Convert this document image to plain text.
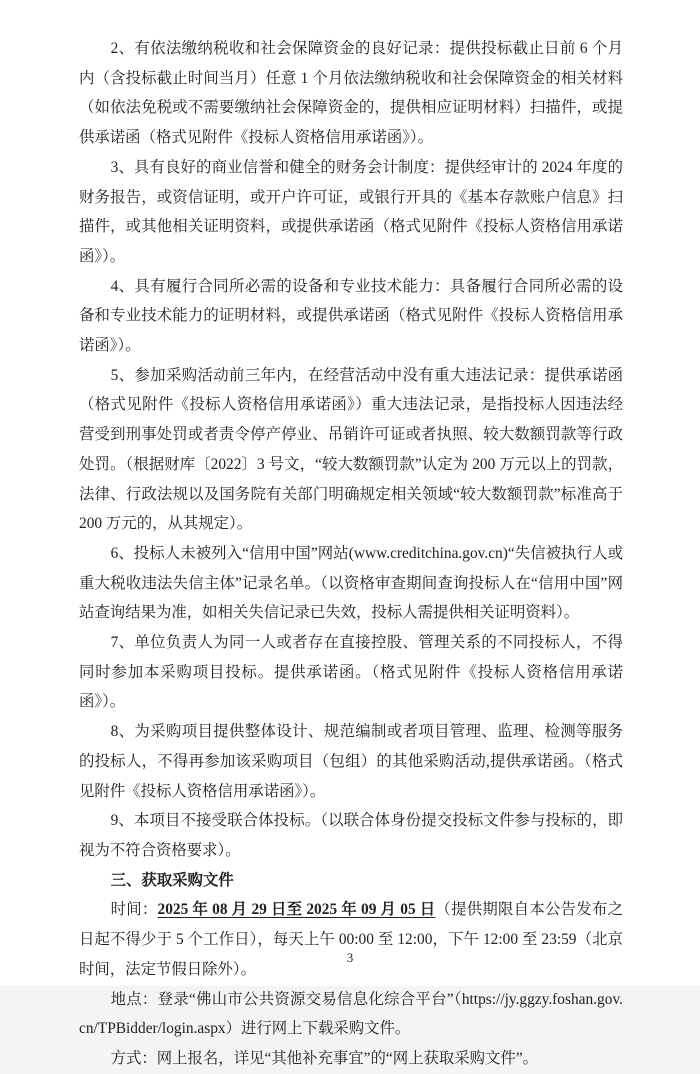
2、有依法缴纳税收和社会保障资金的良好记录：提供投标截止日前 6 个月内（含投标截止时间当月）任意 1 个月依法缴纳税收和社会保障资金的相关材料（如依法免税或不需要缴纳社会保障资金的，提供相应证明材料）扫描件，或提供承诺函（格式见附件《投标人资格信用承诺函》）。

3、具有良好的商业信誉和健全的财务会计制度：提供经审计的 2024 年度的财务报告，或资信证明，或开户许可证，或银行开具的《基本存款账户信息》扫描件，或其他相关证明资料，或提供承诺函（格式见附件《投标人资格信用承诺函》）。

4、具有履行合同所必需的设备和专业技术能力：具备履行合同所必需的设备和专业技术能力的证明材料，或提供承诺函（格式见附件《投标人资格信用承诺函》）。

5、参加采购活动前三年内，在经营活动中没有重大违法记录：提供承诺函（格式见附件《投标人资格信用承诺函》）重大违法记录，是指投标人因违法经营受到刑事处罚或者责令停产停业、吊销许可证或者执照、较大数额罚款等行政处罚。（根据财库〔2022〕3 号文，“较大数额罚款”认定为 200 万元以上的罚款，法律、行政法规以及国务院有关部门明确规定相关领域“较大数额罚款”标准高于 200 万元的，从其规定）。

6、投标人未被列入“信用中国”网站(www.creditchina.gov.cn)“失信被执行人或重大税收违法失信主体”记录名单。（以资格审查期间查询投标人在“信用中国”网站查询结果为准，如相关失信记录已失效，投标人需提供相关证明资料）。

7、单位负责人为同一人或者存在直接控股、管理关系的不同投标人，不得同时参加本采购项目投标。提供承诺函。（格式见附件《投标人资格信用承诺函》）。

8、为采购项目提供整体设计、规范编制或者项目管理、监理、检测等服务的投标人，不得再参加该采购项目（包组）的其他采购活动,提供承诺函。（格式见附件《投标人资格信用承诺函》）。

9、本项目不接受联合体投标。（以联合体身份提交投标文件参与投标的，即视为不符合资格要求）。

三、获取采购文件

时间：2025 年 08 月 29 日至 2025 年 09 月 05 日（提供期限自本公告发布之日起不得少于 5 个工作日），每天上午 00:00 至 12:00，下午 12:00 至 23:59（北京时间，法定节假日除外）。

地点：登录“佛山市公共资源交易信息化综合平台”（https://jy.ggzy.foshan.gov.cn/TPBidder/login.aspx）进行网上下载采购文件。

方式：网上报名，详见“其他补充事宜”的“网上获取采购文件”。

3
